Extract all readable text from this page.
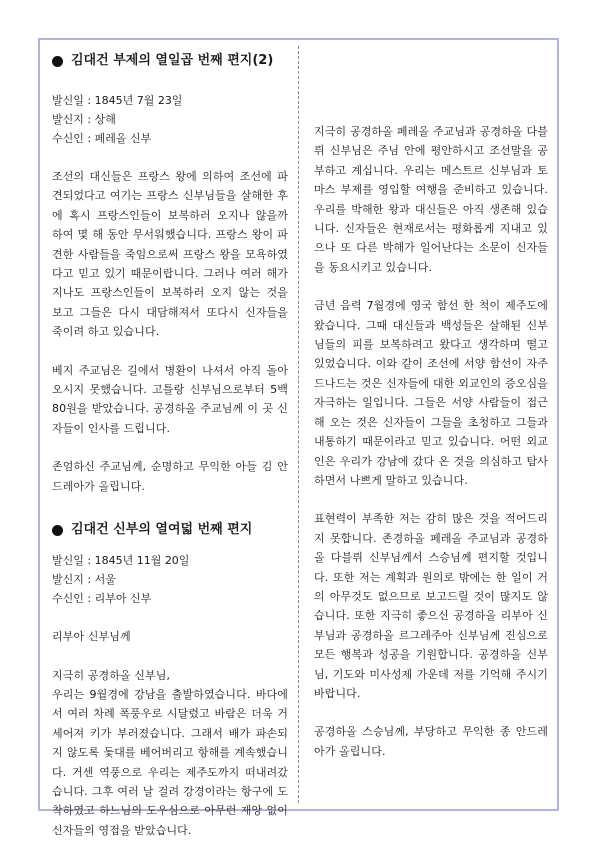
김대건 부제의 열일곱 번째 편지(2)

발신일 : 1845년 7월 23일

발신지 : 상해

수신인 : 페레올 신부

조선의 대신들은 프랑스 왕에 의하여 조선에 파견되었다고 여기는 프랑스 신부님들을 살해한 후에 혹시 프랑스인들이 보복하러 오지나 않을까 하여 몇 해 동안 무서워했습니다. 프랑스 왕이 파견한 사람들을 죽임으로써 프랑스 왕을 모욕하였다고 믿고 있기 때문이랍니다. 그러나 여러 해가 지나도 프랑스인들이 보복하러 오지 않는 것을 보고 그들은 다시 대담해져서 또다시 신자들을 죽이려 하고 있습니다.

베지 주교님은 길에서 병환이 나셔서 아직 돌아오시지 못했습니다. 고틀랑 신부님으로부터 5백80원을 받았습니다. 공경하올 주교님께 이 곳 신자들이 인사를 드립니다.

존엄하신 주교님께, 순명하고 무익한 아들 김 안드레아가 올립니다.

김대건 신부의 열여덟 번째 편지

발신일 : 1845년 11월 20일

발신지 : 서울

수신인 : 리부아 신부

리부아 신부님께

지극히 공경하올 신부님,

우리는 9월경에 강남을 출발하였습니다. 바다에서 여러 차례 폭풍우로 시달렸고 바람은 더욱 거세어져 키가 부러졌습니다. 그래서 배가 파손되지 않도록 돛대를 베어버리고 항해를 계속했습니다. 거센 역풍으로 우리는 제주도까지 떠내려갔습니다. 그후 여러 날 걸려 강경이라는 항구에 도착하였고 하느님의 도우심으로 아무런 재앙 없이 신자들의 영접을 받았습니다.

지극히 공경하올 페레올 주교님과 공경하올 다블뤼 신부님은 주님 안에 평안하시고 조선말을 공부하고 계십니다. 우리는 메스트르 신부님과 토마스 부제를 영입할 여행을 준비하고 있습니다. 우리를 박해한 왕과 대신들은 아직 생존해 있습니다. 신자들은 현재로서는 평화롭게 지내고 있으나 또 다른 박해가 일어난다는 소문이 신자들을 동요시키고 있습니다.

금년 음력 7월경에 영국 함선 한 척이 제주도에 왔습니다. 그때 대신들과 백성들은 살해된 신부님들의 피를 보복하려고 왔다고 생각하며 떨고 있었습니다. 이와 같이 조선에 서양 함선이 자주 드나드는 것은 신자들에 대한 외교인의 증오심을 자극하는 일입니다. 그들은 서양 사람들이 접근해 오는 것은 신자들이 그들을 초청하고 그들과 내통하기 때문이라고 믿고 있습니다. 어떤 외교인은 우리가 강남에 갔다 온 것을 의심하고 탐사하면서 나쁘게 말하고 있습니다.

표현력이 부족한 저는 감히 많은 것을 적어드리지 못합니다. 존경하올 페레올 주교님과 공경하올 다블뤼 신부님께서 스승님께 편지할 것입니다. 또한 저는 계획과 원의로 밖에는 한 일이 거의 아무것도 없으므로 보고드릴 것이 많지도 않습니다. 또한 지극히 좋으신 공경하올 리부아 신부님과 공경하올 르그레주아 신부님께 진심으로 모든 행복과 성공을 기원합니다. 공경하올 신부님, 기도와 미사성제 가운데 저를 기억해 주시기 바랍니다.

공경하올 스승님께, 부당하고 무익한 종 안드레아가 올립니다.
